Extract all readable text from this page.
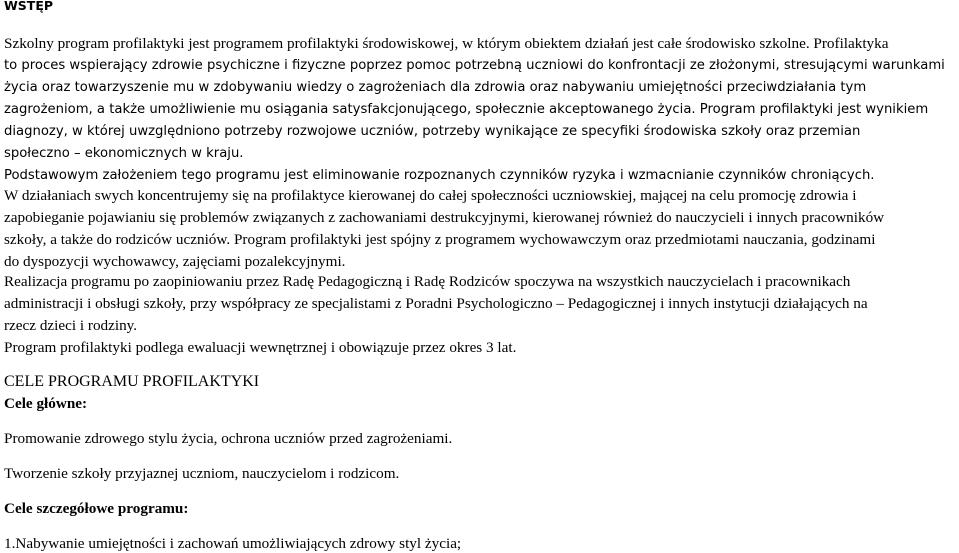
WSTĘP
Szkolny program profilaktyki jest programem profilaktyki środowiskowej, w którym obiektem działań jest całe środowisko szkolne. Profilaktyka
to proces wspierający zdrowie psychiczne i fizyczne poprzez pomoc potrzebną uczniowi do konfrontacji ze złożonymi, stresującymi warunkami
życia oraz towarzyszenie mu w zdobywaniu wiedzy o zagrożeniach dla zdrowia oraz nabywaniu umiejętności przeciwdziałania tym
zagrożeniom, a także umożliwienie mu osiągania satysfakcjonującego, społecznie akceptowanego życia. Program profilaktyki jest wynikiem
diagnozy, w której uwzględniono potrzeby rozwojowe uczniów, potrzeby wynikające ze specyfiki środowiska szkoły oraz przemian
społeczno – ekonomicznych w kraju.
Podstawowym założeniem tego programu jest eliminowanie rozpoznanych czynników ryzyka i wzmacnianie czynników chroniących.
W działaniach swych koncentrujemy się na profilaktyce kierowanej do całej społeczności uczniowskiej, mającej na celu promocję zdrowia i
zapobieganie pojawianiu się problemów związanych z zachowaniami destrukcyjnymi, kierowanej również do nauczycieli i innych pracowników
szkoły, a także do rodziców uczniów. Program profilaktyki jest spójny z programem wychowawczym oraz przedmiotami nauczania, godzinami
do dyspozycji wychowawcy, zajęciami pozalekcyjnymi.
Realizacja programu po zaopiniowaniu przez Radę Pedagogiczną i Radę Rodziców spoczywa na wszystkich nauczycielach i pracownikach
administracji i obsługi szkoły, przy współpracy ze specjalistami z Poradni Psychologiczno – Pedagogicznej i innych instytucji działających na
rzecz dzieci i rodziny.
Program profilaktyki podlega ewaluacji wewnętrznej i obowiązuje przez okres 3 lat.
CELE PROGRAMU PROFILAKTYKI
Cele główne:
Promowanie zdrowego stylu życia, ochrona uczniów przed zagrożeniami.
Tworzenie szkoły przyjaznej uczniom, nauczycielom i rodzicom.
Cele szczegółowe programu:
1.Nabywanie umiejętności i zachowań umożliwiających zdrowy styl życia;
